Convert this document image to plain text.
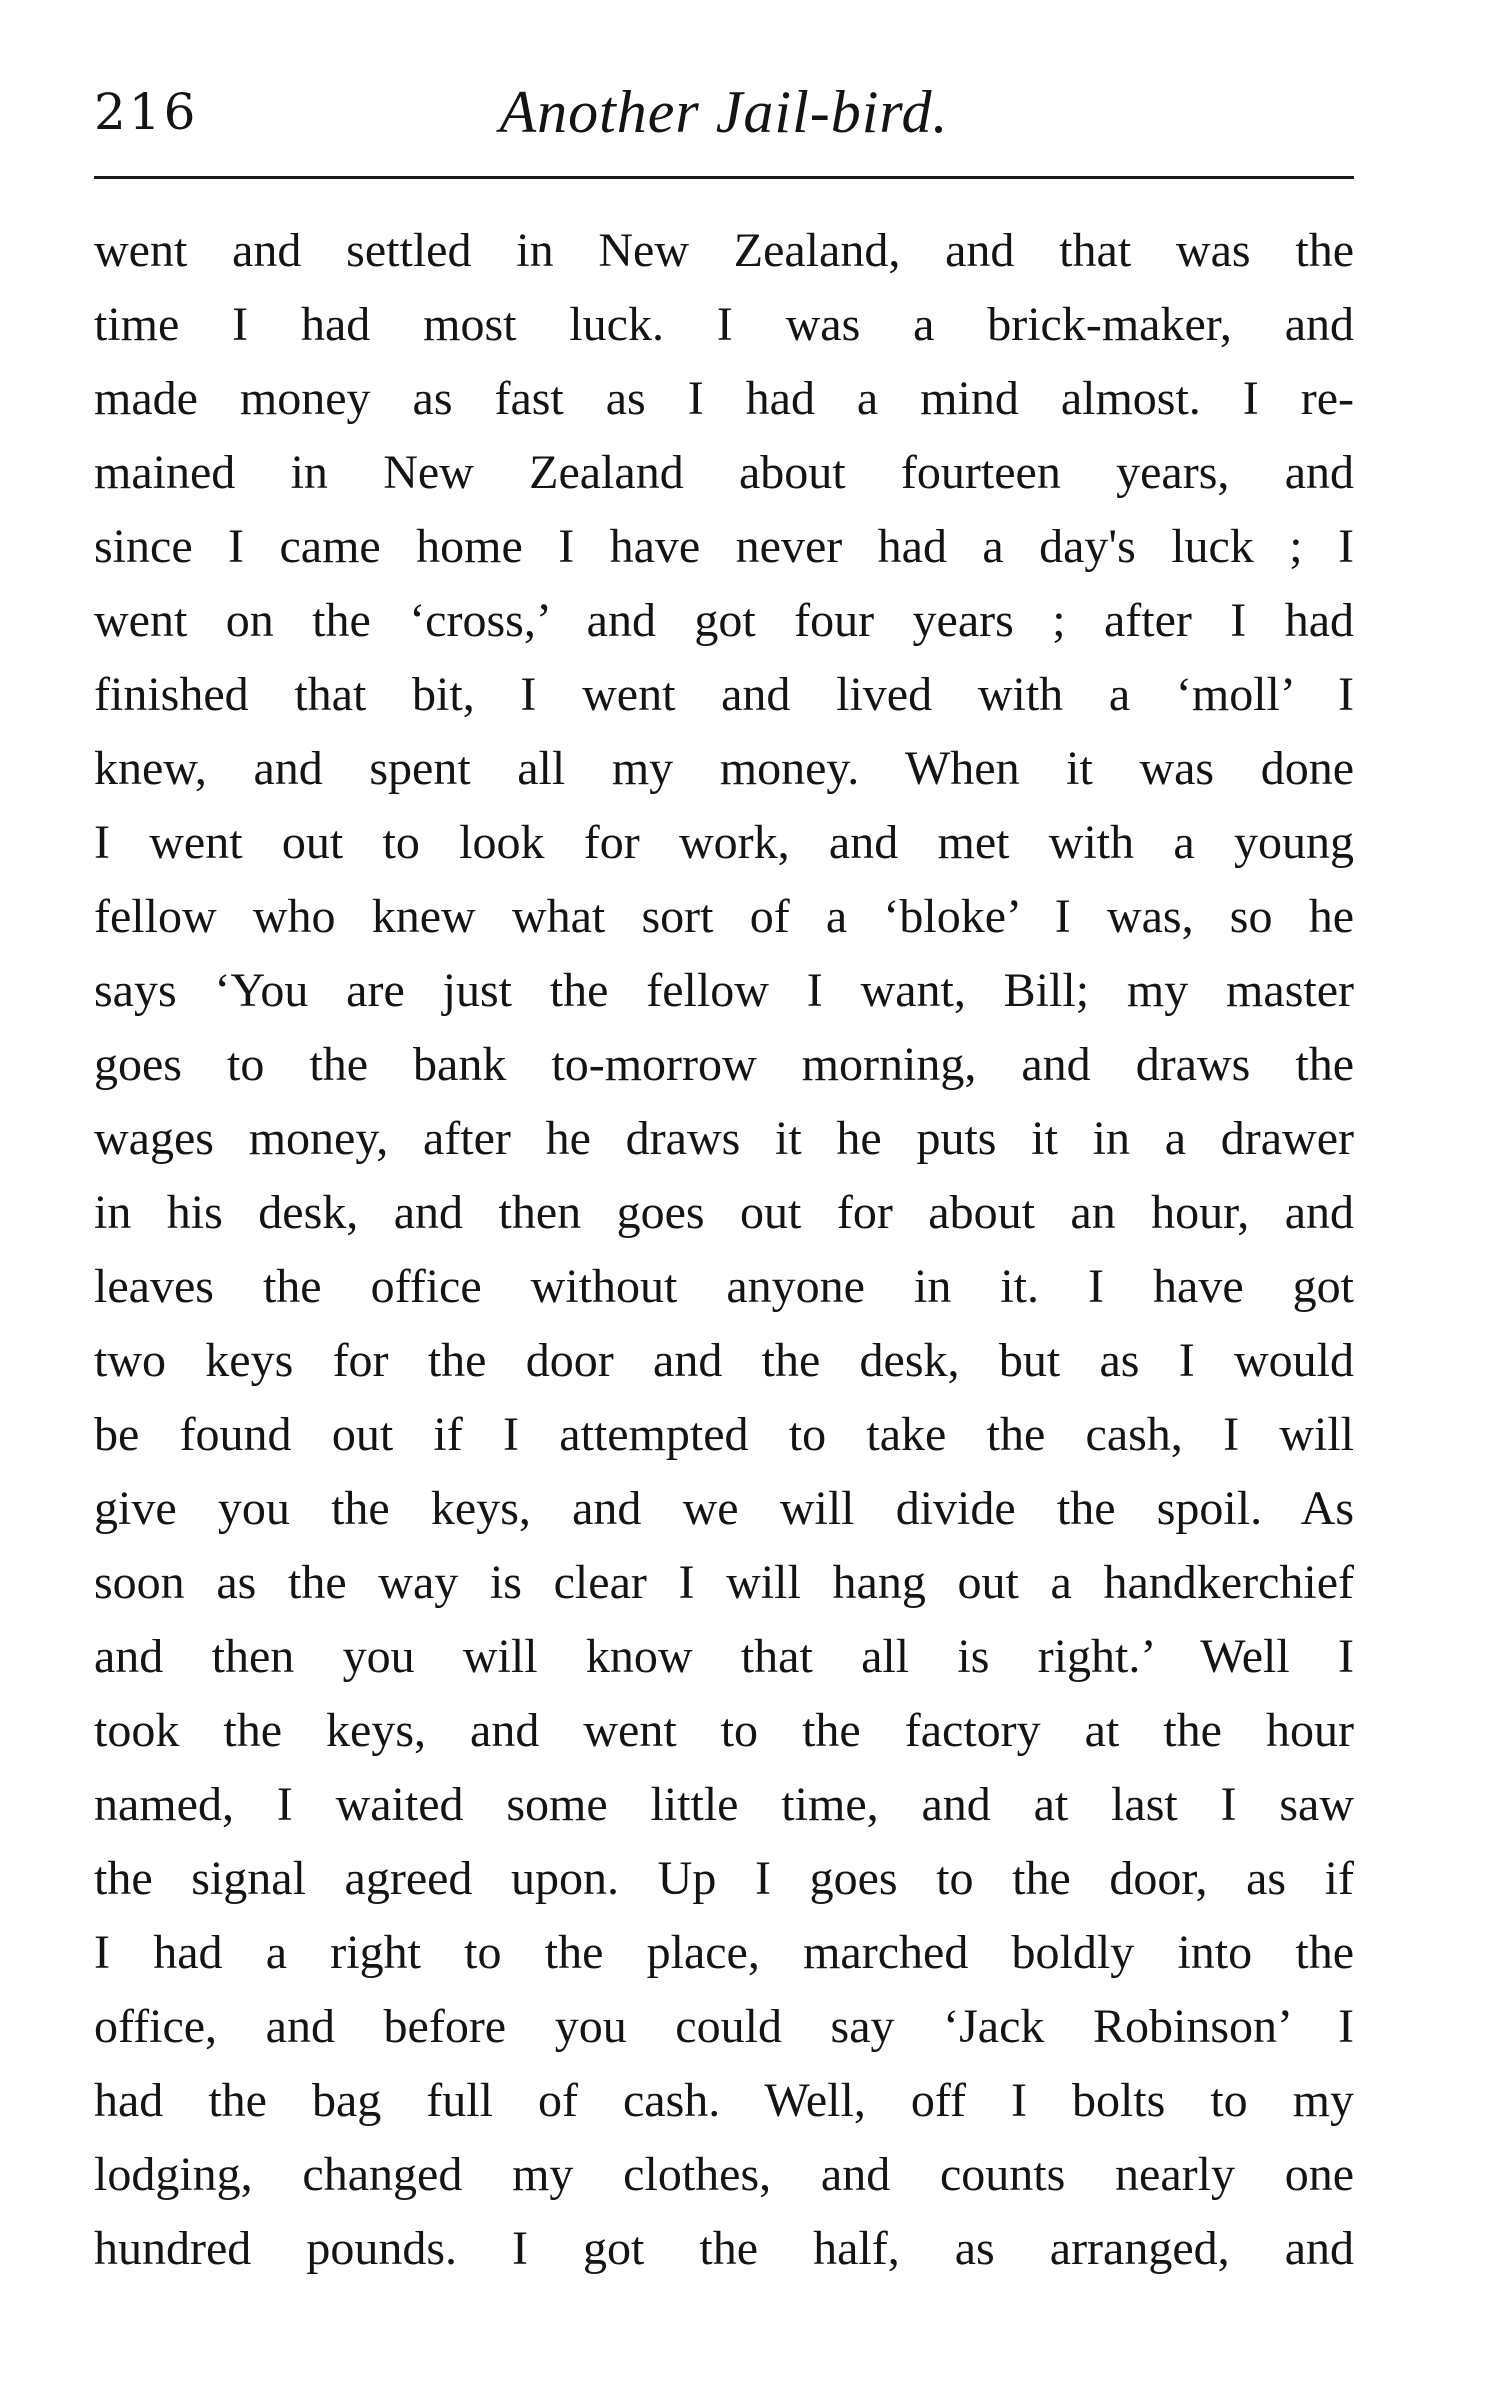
216	Another Jail-bird.
went and settled in New Zealand, and that was the
time I had most luck. I was a brick-maker, and
made money as fast as I had a mind almost. I re-
mained in New Zealand about fourteen years, and
since I came home I have never had a day's luck ; I
went on the ‘cross,’ and got four years ; after I had
finished that bit, I went and lived with a ‘moll’ I
knew, and spent all my money. When it was done
I went out to look for work, and met with a young
fellow who knew what sort of a ‘bloke’ I was, so he
says ‘You are just the fellow I want, Bill; my master
goes to the bank to-morrow morning, and draws the
wages money, after he draws it he puts it in a drawer
in his desk, and then goes out for about an hour, and
leaves the office without anyone in it. I have got
two keys for the door and the desk, but as I would
be found out if I attempted to take the cash, I will
give you the keys, and we will divide the spoil. As
soon as the way is clear I will hang out a handkerchief
and then you will know that all is right.’ Well I
took the keys, and went to the factory at the hour
named, I waited some little time, and at last I saw
the signal agreed upon. Up I goes to the door, as if
I had a right to the place, marched boldly into the
office, and before you could say ‘Jack Robinson’ I
had the bag full of cash. Well, off I bolts to my
lodging, changed my clothes, and counts nearly one
hundred pounds. I got the half, as arranged, and
